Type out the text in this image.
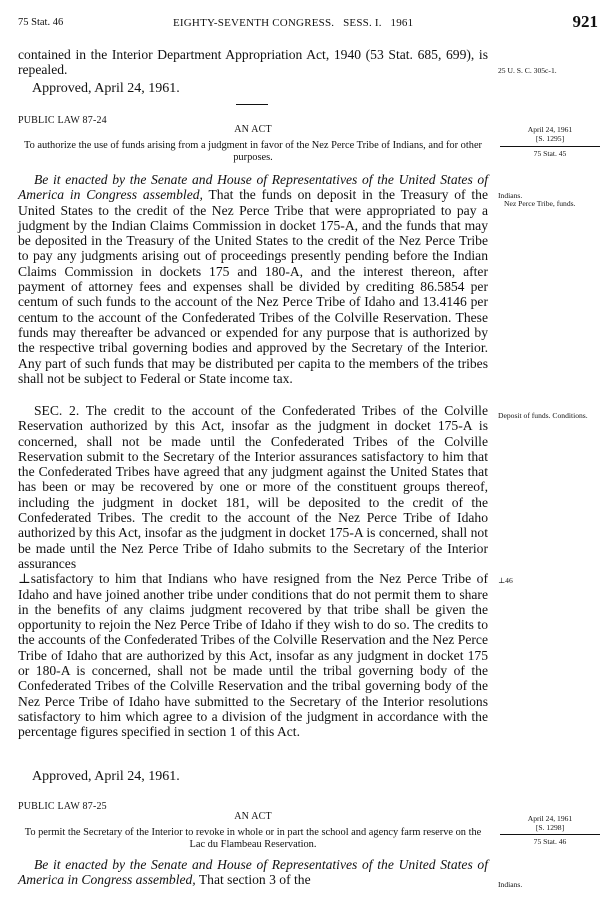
75 Stat. 46	EIGHTY-SEVENTH CONGRESS.   SESS. I.   1961	921
contained in the Interior Department Appropriation Act, 1940 (53 Stat. 685, 699), is repealed.	25 U. S. C. 305c-1.
Approved, April 24, 1961.
PUBLIC LAW 87-24
AN ACT
To authorize the use of funds arising from a judgment in favor of the Nez Perce Tribe of Indians, and for other purposes.
April 24, 1961
[S. 1295]
75 Stat. 45
Be it enacted by the Senate and House of Representatives of the United States of America in Congress assembled, That the funds on deposit in the Treasury of the United States to the credit of the Nez Perce Tribe that were appropriated to pay a judgment by the Indian Claims Commission in docket 175-A, and the funds that may be deposited in the Treasury of the United States to the credit of the Nez Perce Tribe to pay any judgments arising out of proceedings presently pending before the Indian Claims Commission in dockets 175 and 180-A, and the interest thereon, after payment of attorney fees and expenses shall be divided by crediting 86.5854 per centum of such funds to the account of the Nez Perce Tribe of Idaho and 13.4146 per centum to the account of the Confederated Tribes of the Colville Reservation. These funds may thereafter be advanced or expended for any purpose that is authorized by the respective tribal governing bodies and approved by the Secretary of the Interior. Any part of such funds that may be distributed per capita to the members of the tribes shall not be subject to Federal or State income tax.
Indians.
Nez Perce Tribe, funds.
SEC. 2. The credit to the account of the Confederated Tribes of the Colville Reservation authorized by this Act, insofar as the judgment in docket 175-A is concerned, shall not be made until the Confederated Tribes of the Colville Reservation submit to the Secretary of the Interior assurances satisfactory to him that the Confederated Tribes have agreed that any judgment against the United States that has been or may be recovered by one or more of the constituent groups thereof, including the judgment in docket 181, will be deposited to the credit of the Confederated Tribes. The credit to the account of the Nez Perce Tribe of Idaho authorized by this Act, insofar as the judgment in docket 175-A is concerned, shall not be made until the Nez Perce Tribe of Idaho submits to the Secretary of the Interior assurances
⊥satisfactory to him that Indians who have resigned from the Nez Perce Tribe of Idaho and have joined another tribe under conditions that do not permit them to share in the benefits of any claims judgment recovered by that tribe shall be given the opportunity to rejoin the Nez Perce Tribe of Idaho if they wish to do so. The credits to the accounts of the Confederated Tribes of the Colville Reservation and the Nez Perce Tribe of Idaho that are authorized by this Act, insofar as any judgment in docket 175 or 180-A is concerned, shall not be made until the tribal governing body of the Confederated Tribes of the Colville Reservation and the tribal governing body of the Nez Perce Tribe of Idaho have submitted to the Secretary of the Interior resolutions satisfactory to him which agree to a division of the judgment in accordance with the percentage figures specified in section 1 of this Act.
Deposit of funds. Conditions.
⊥46
Approved, April 24, 1961.
PUBLIC LAW 87-25
AN ACT
To permit the Secretary of the Interior to revoke in whole or in part the school and agency farm reserve on the Lac du Flambeau Reservation.
April 24, 1961
[S. 1298]
75 Stat. 46
Be it enacted by the Senate and House of Representatives of the United States of America in Congress assembled, That section 3 of the	Indians.
